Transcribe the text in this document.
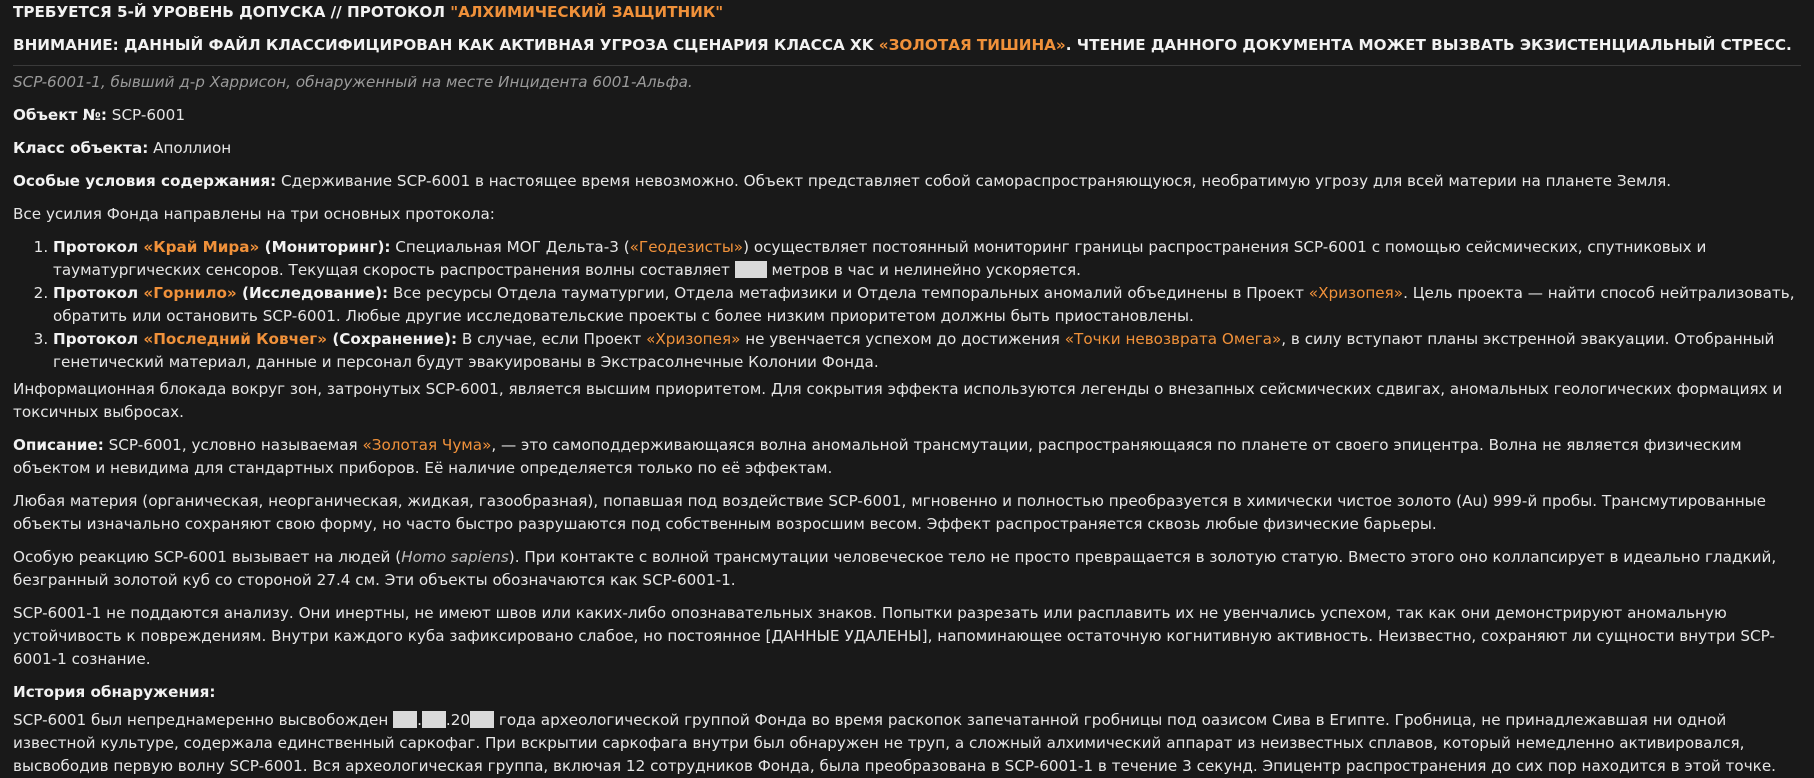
ТРЕБУЕТСЯ 5-Й УРОВЕНЬ ДОПУСКА // ПРОТОКОЛ "АЛХИМИЧЕСКИЙ ЗАЩИТНИК"

ВНИМАНИЕ: ДАННЫЙ ФАЙЛ КЛАССИФИЦИРОВАН КАК АКТИВНАЯ УГРОЗА СЦЕНАРИЯ КЛАССА XK «ЗОЛОТАЯ ТИШИНА». ЧТЕНИЕ ДАННОГО ДОКУМЕНТА МОЖЕТ ВЫЗВАТЬ ЭКЗИСТЕНЦИАЛЬНЫЙ СТРЕСС.

SCP-6001-1, бывший д-р Харрисон, обнаруженный на месте Инцидента 6001-Альфа.

Объект №: SCP-6001

Класс объекта: Аполлион

Особые условия содержания: Сдерживание SCP-6001 в настоящее время невозможно. Объект представляет собой самораспространяющуюся, необратимую угрозу для всей материи на планете Земля.

Все усилия Фонда направлены на три основных протокола:

1. Протокол «Край Мира» (Мониторинг): Специальная МОГ Дельта-3 («Геодезисты») осуществляет постоянный мониторинг границы распространения SCP-6001 с помощью сейсмических, спутниковых и тауматургических сенсоров. Текущая скорость распространения волны составляет  метров в час и нелинейно ускоряется.
2. Протокол «Горнило» (Исследование): Все ресурсы Отдела тауматургии, Отдела метафизики и Отдела темпоральных аномалий объединены в Проект «Хризопея». Цель проекта — найти способ нейтрализовать, обратить или остановить SCP-6001. Любые другие исследовательские проекты с более низким приоритетом должны быть приостановлены.
3. Протокол «Последний Ковчег» (Сохранение): В случае, если Проект «Хризопея» не увенчается успехом до достижения «Точки невозврата Омега», в силу вступают планы экстренной эвакуации. Отобранный генетический материал, данные и персонал будут эвакуированы в Экстрасолнечные Колонии Фонда.

Информационная блокада вокруг зон, затронутых SCP-6001, является высшим приоритетом. Для сокрытия эффекта используются легенды о внезапных сейсмических сдвигах, аномальных геологических формациях и токсичных выбросах.

Описание: SCP-6001, условно называемая «Золотая Чума», — это самоподдерживающаяся волна аномальной трансмутации, распространяющаяся по планете от своего эпицентра. Волна не является физическим объектом и невидима для стандартных приборов. Её наличие определяется только по её эффектам.

Любая материя (органическая, неорганическая, жидкая, газообразная), попавшая под воздействие SCP-6001, мгновенно и полностью преобразуется в химически чистое золото (Au) 999-й пробы. Трансмутированные объекты изначально сохраняют свою форму, но часто быстро разрушаются под собственным возросшим весом. Эффект распространяется сквозь любые физические барьеры.

Особую реакцию SCP-6001 вызывает на людей (Homo sapiens). При контакте с волной трансмутации человеческое тело не просто превращается в золотую статую. Вместо этого оно коллапсирует в идеально гладкий, безгранный золотой куб со стороной 27.4 см. Эти объекты обозначаются как SCP-6001-1.

SCP-6001-1 не поддаются анализу. Они инертны, не имеют швов или каких-либо опознавательных знаков. Попытки разрезать или расплавить их не увенчались успехом, так как они демонстрируют аномальную устойчивость к повреждениям. Внутри каждого куба зафиксировано слабое, но постоянное [ДАННЫЕ УДАЛЕНЫ], напоминающее остаточную когнитивную активность. Неизвестно, сохраняют ли сущности внутри SCP-6001-1 сознание.

История обнаружения:

SCP-6001 был непреднамеренно высвобожден . .20 года археологической группой Фонда во время раскопок запечатанной гробницы под оазисом Сива в Египте. Гробница, не принадлежавшая ни одной известной культуре, содержала единственный саркофаг. При вскрытии саркофага внутри был обнаружен не труп, а сложный алхимический аппарат из неизвестных сплавов, который немедленно активировался, высвободив первую волну SCP-6001. Вся археологическая группа, включая 12 сотрудников Фонда, была преобразована в SCP-6001-1 в течение 3 секунд. Эпицентр распространения до сих пор находится в этой точке.
